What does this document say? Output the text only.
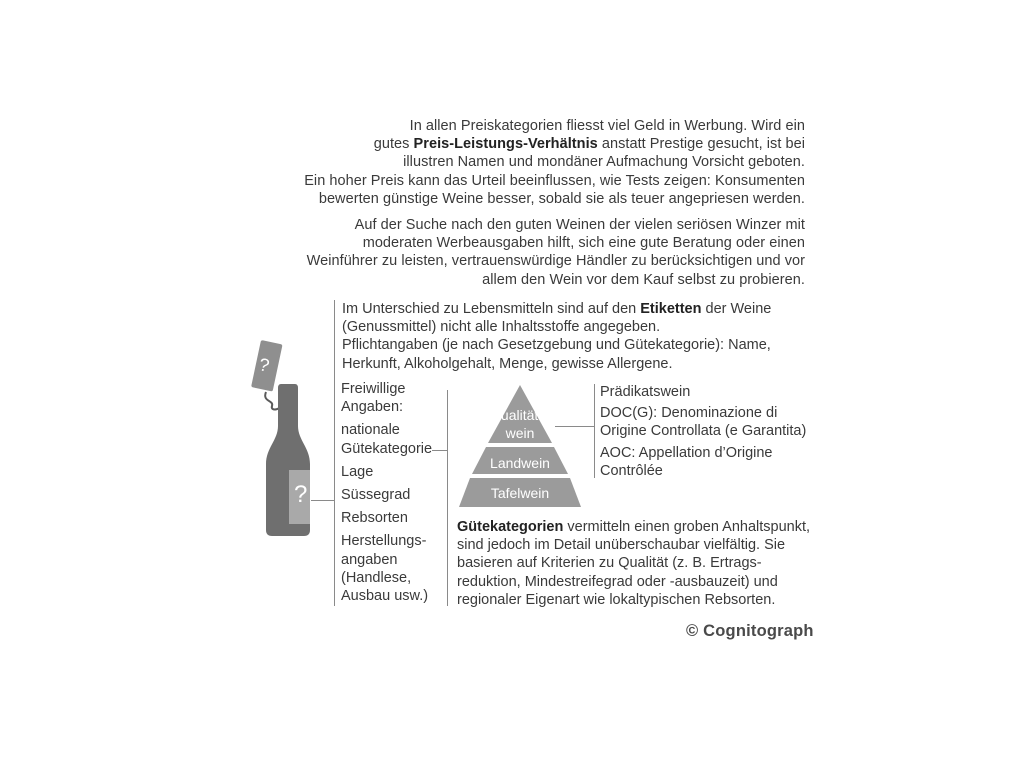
In allen Preiskategorien fliesst viel Geld in Werbung. Wird ein
gutes Preis-Leistungs-Verhältnis anstatt Prestige gesucht, ist bei
illustren Namen und mondäner Aufmachung Vorsicht geboten.
Ein hoher Preis kann das Urteil beeinflussen, wie Tests zeigen: Konsumenten
bewerten günstige Weine besser, sobald sie als teuer angepriesen werden.
Auf der Suche nach den guten Weinen der vielen seriösen Winzer mit
moderaten Werbeausgaben hilft, sich eine gute Beratung oder einen
Weinführer zu leisten, vertrauenswürdige Händler zu berücksichtigen und vor
allem den Wein vor dem Kauf selbst zu probieren.
Im Unterschied zu Lebensmitteln sind auf den Etiketten der Weine
(Genussmittel) nicht alle Inhaltsstoffe angegeben.
Pflichtangaben (je nach Gesetzgebung und Gütekategorie): Name,
Herkunft, Alkoholgehalt, Menge, gewisse Allergene.
?
?
Freiwillige
Angaben:
nationale
Gütekategorie
Lage
Süssegrad
Rebsorten
Herstellungs-
angaben
(Handlese,
Ausbau usw.)
Qualitäts-
wein
Landwein
Tafelwein
Prädikatswein
DOC(G): Denominazione di
Origine Controllata (e Garantita)
AOC: Appellation d’Origine
Contrôlée
Gütekategorien vermitteln einen groben Anhaltspunkt,
sind jedoch im Detail unüberschaubar vielfältig. Sie
basieren auf Kriterien zu Qualität (z. B. Ertrags-
reduktion, Mindestreifegrad oder -ausbauzeit) und
regionaler Eigenart wie lokaltypischen Rebsorten.
© Cognitograph
